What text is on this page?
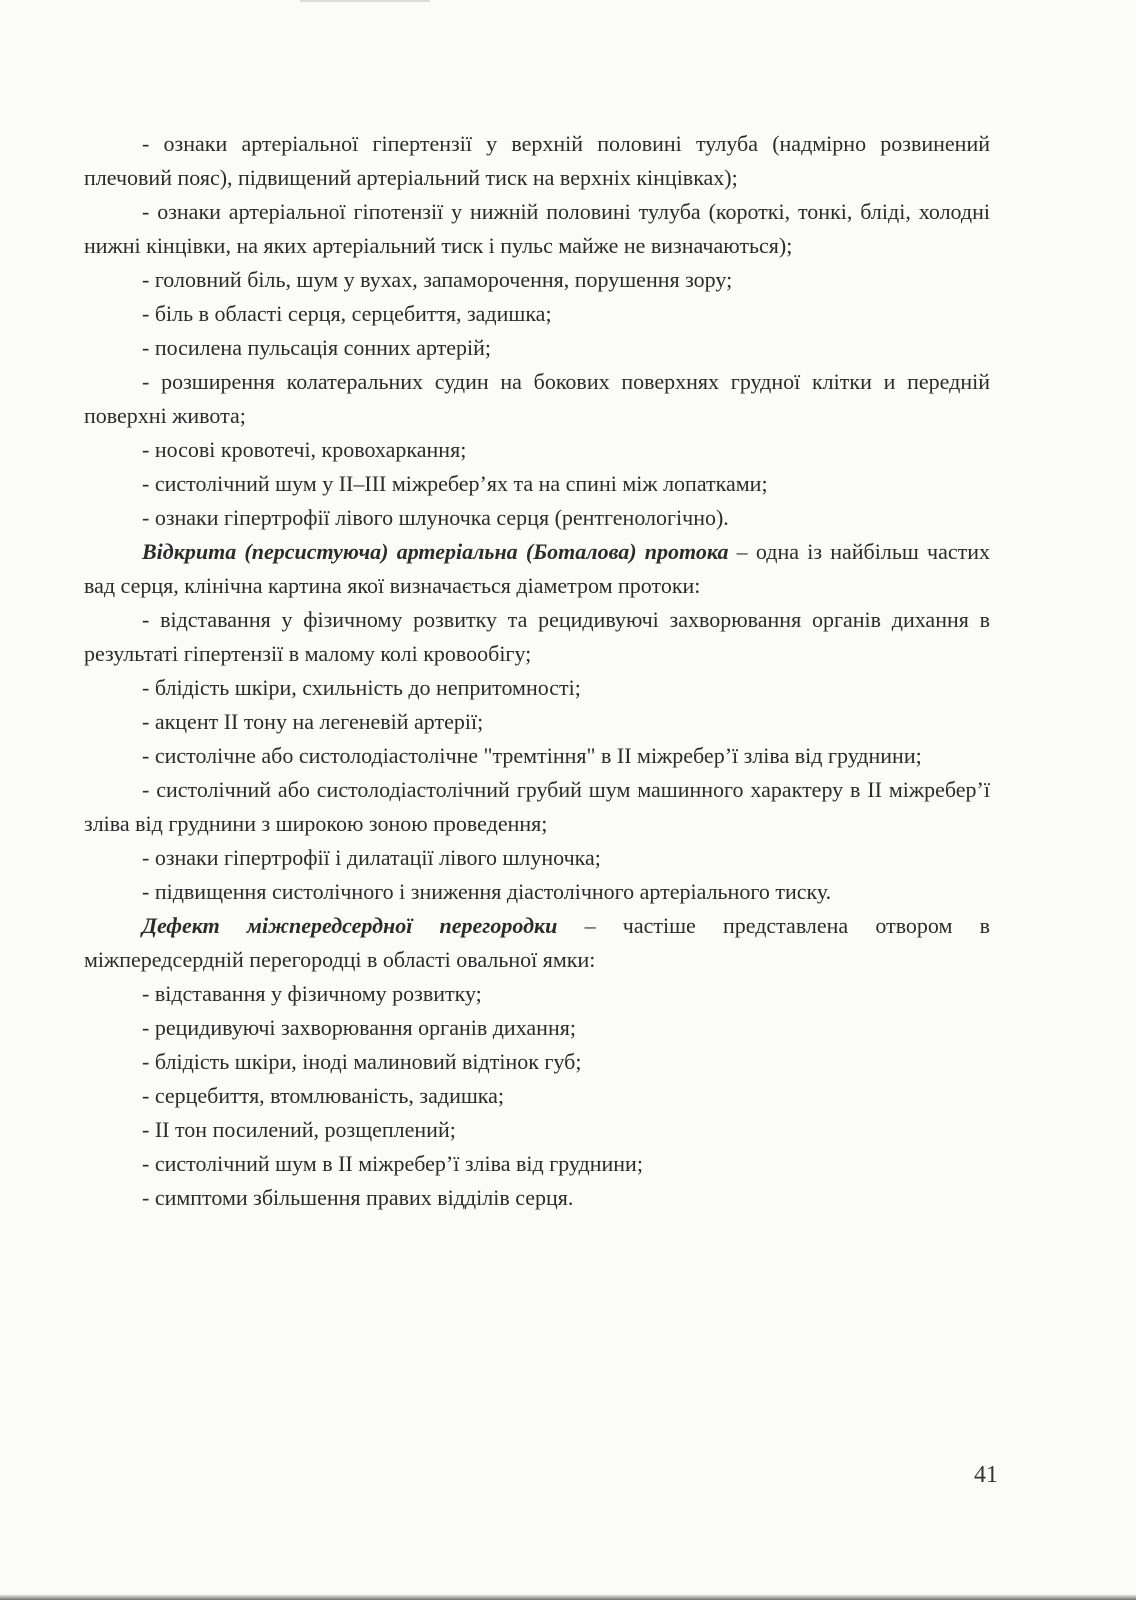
- ознаки артеріальної гіпертензії у верхній половині тулуба (надмірно розвинений плечовий пояс), підвищений артеріальний тиск на верхніх кінцівках);

- ознаки артеріальної гіпотензії у нижній половині тулуба (короткі, тонкі, бліді, холодні нижні кінцівки, на яких артеріальний тиск і пульс майже не визначаються);

- головний біль, шум у вухах, запаморочення, порушення зору;

- біль в області серця, серцебиття, задишка;

- посилена пульсація сонних артерій;

- розширення колатеральних судин на бокових поверхнях грудної клітки и передній поверхні живота;

- носові кровотечі, кровохаркання;

- систолічний шум у II–III міжребер’ях та на спині між лопатками;

- ознаки гіпертрофії лівого шлуночка серця (рентгенологічно).

Відкрита (персистуюча) артеріальна (Боталова) протока – одна із найбільш частих вад серця, клінічна картина якої визначається діаметром протоки:

- відставання у фізичному розвитку та рецидивуючі захворювання органів дихання в результаті гіпертензії в малому колі кровообігу;

- блідість шкіри, схильність до непритомності;

- акцент II тону на легеневій артерії;

- систолічне або систолодіастолічне "тремтіння" в II міжребер’ї зліва від груднини;

- систолічний або систолодіастолічний грубий шум машинного характеру в II міжребер’ї зліва від груднини з широкою зоною проведення;

- ознаки гіпертрофії і дилатації лівого шлуночка;

- підвищення систолічного і зниження діастолічного артеріального тиску.

Дефект міжпередсердної перегородки – частіше представлена отвором в міжпередсердній перегородці в області овальної ямки:

- відставання у фізичному розвитку;

- рецидивуючі захворювання органів дихання;

- блідість шкіри, іноді малиновий відтінок губ;

- серцебиття, втомлюваність, задишка;

- II тон посилений, розщеплений;

- систолічний шум в II міжребер’ї зліва від груднини;

- симптоми збільшення правих відділів серця.

41
